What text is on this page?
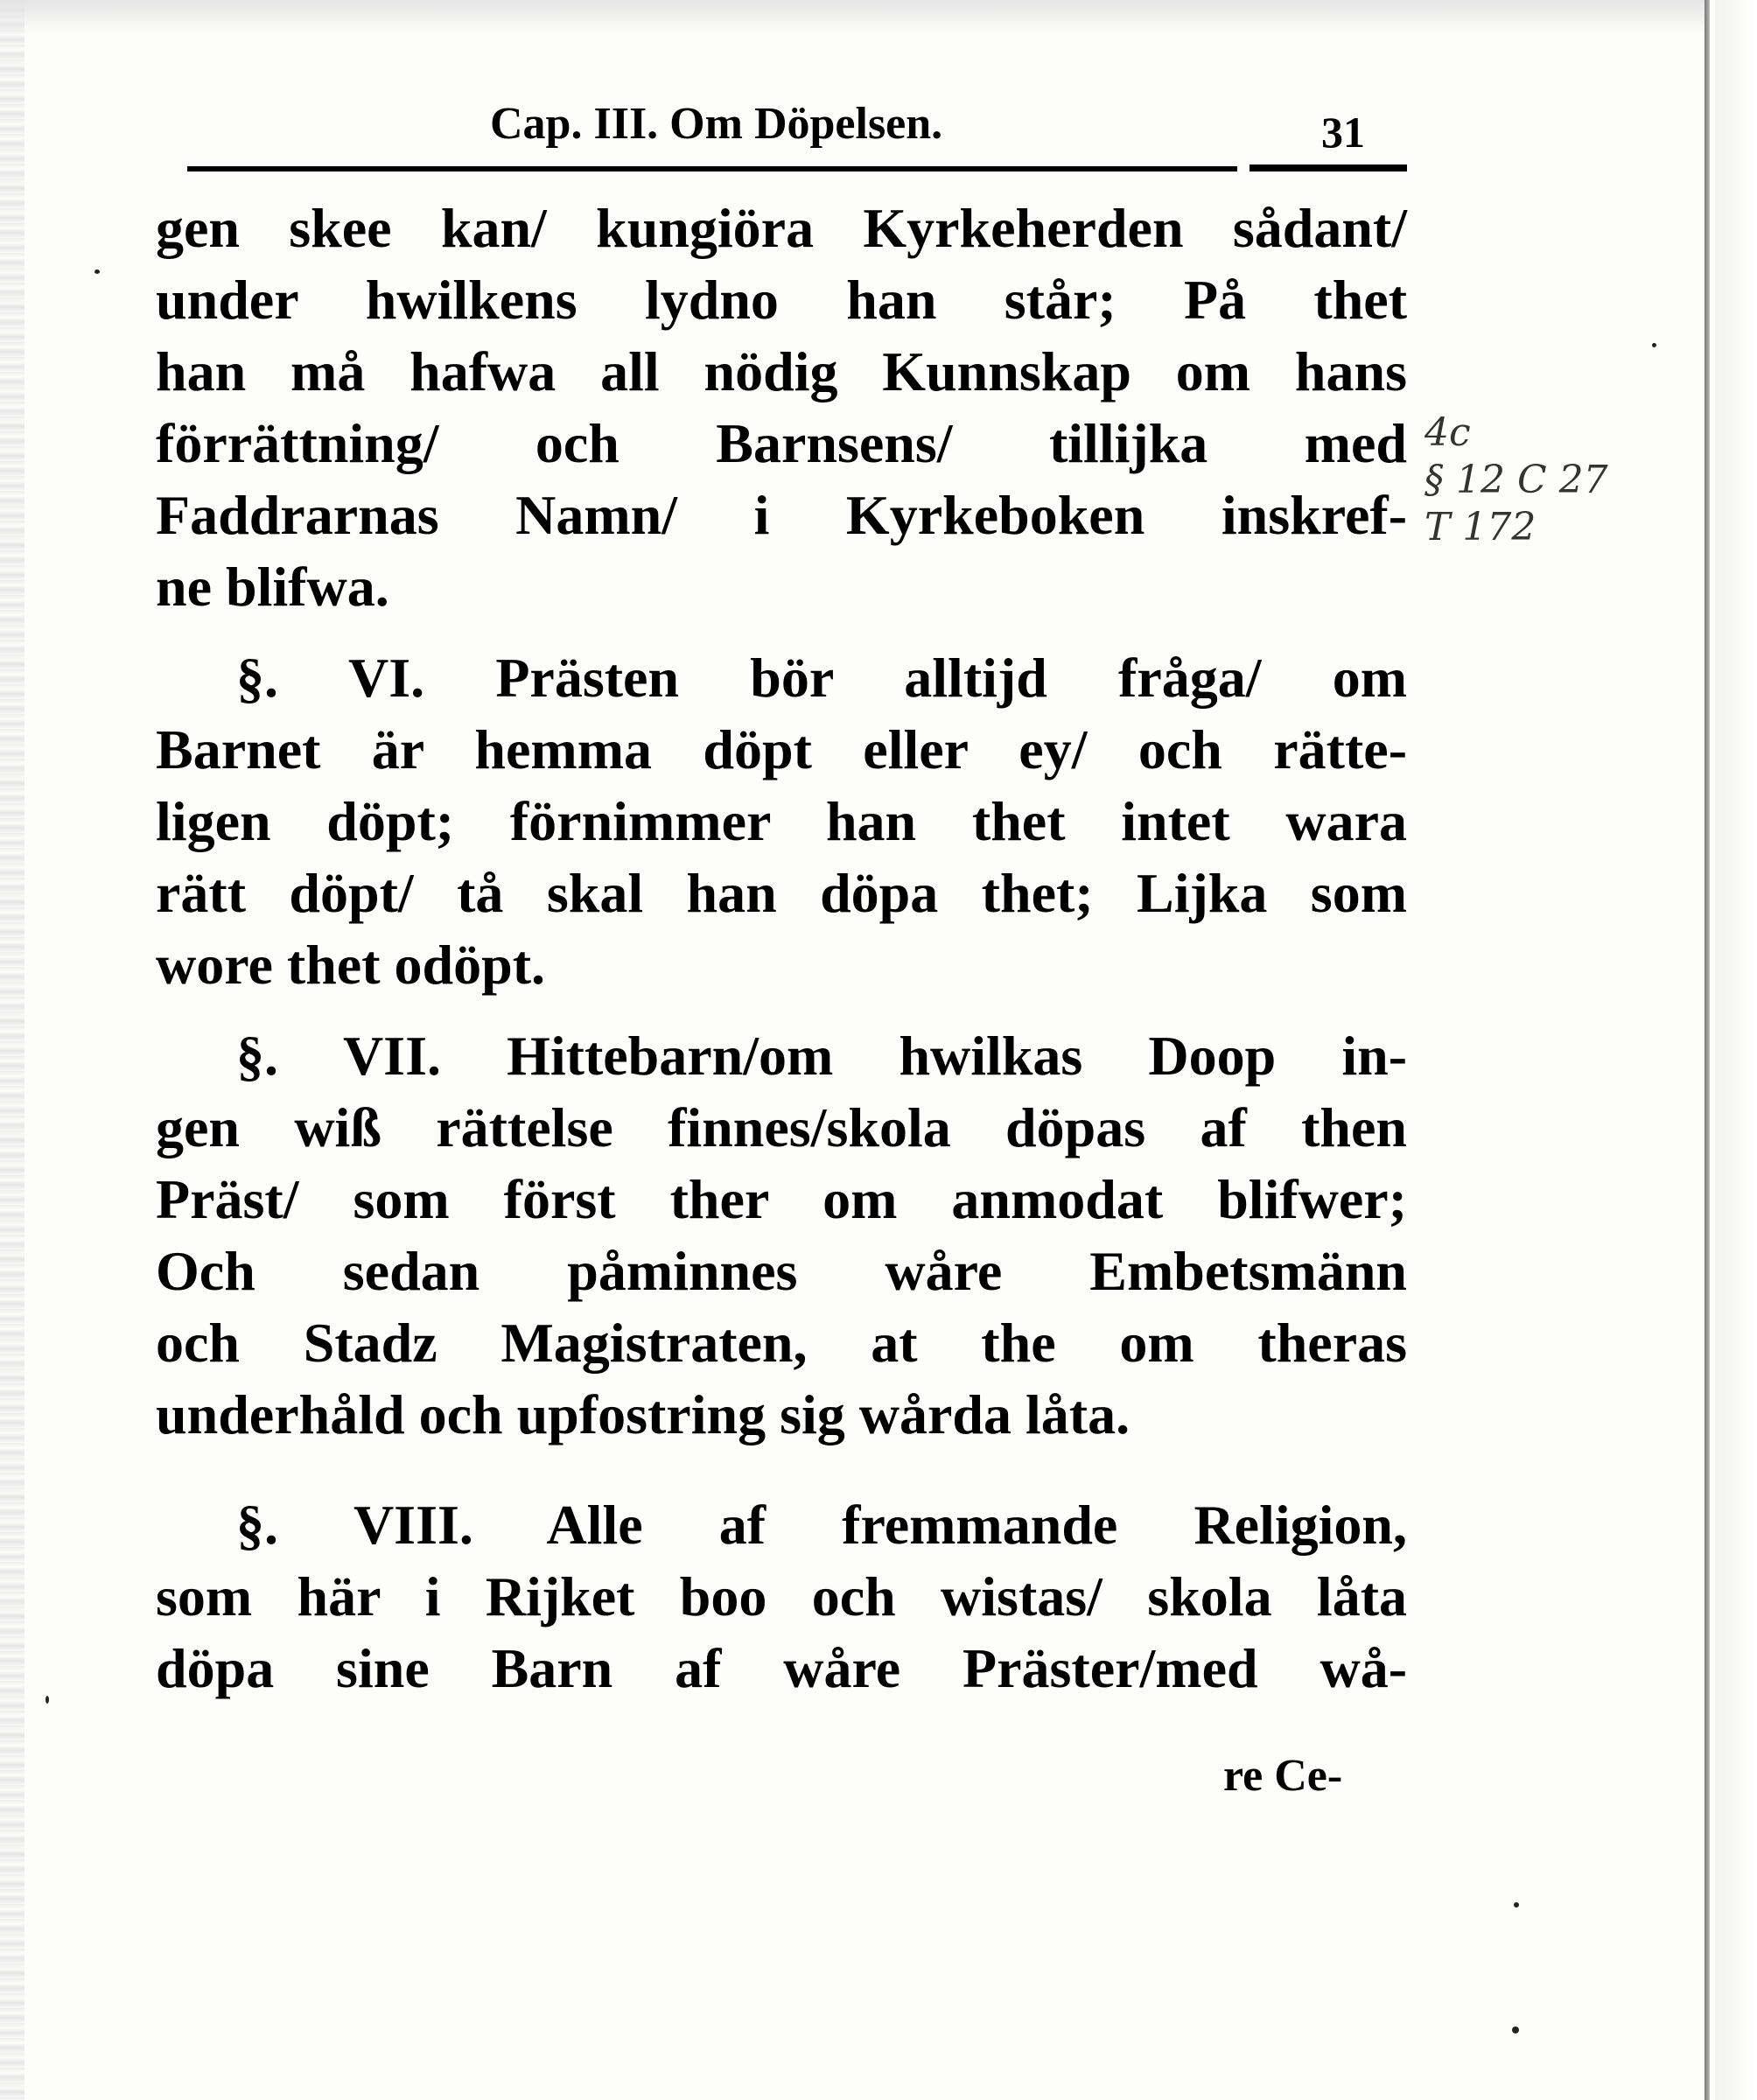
Cap. III. Om Döpelsen.	31
gen skee kan/ kungiöra Kyrkeherden sådant/
under hwilkens lydno han står; På thet
han må hafwa all nödig Kunnskap om hans
förrättning/ och Barnsens/ tillijka med
Faddrarnas Namn/ i Kyrkeboken inskref-
ne blifwa.
§. VI. Prästen bör alltijd fråga/ om
Barnet är hemma döpt eller ey/ och rätte-
ligen döpt; förnimmer han thet intet wara
rätt döpt/ tå skal han döpa thet; Lijka som
wore thet odöpt.
§. VII. Hittebarn/om hwilkas Doop in-
gen wiß rättelse finnes/skola döpas af then
Präst/ som först ther om anmodat blifwer;
Och sedan påminnes wåre Embetsmänn
och Stadz Magistraten, at the om theras
underhåld och upfostring sig wårda låta.
§. VIII. Alle af fremmande Religion,
som här i Rijket boo och wistas/ skola låta
döpa sine Barn af wåre Präster/med wå-
re Ce-
4c
§ 12 C 27
T 172
